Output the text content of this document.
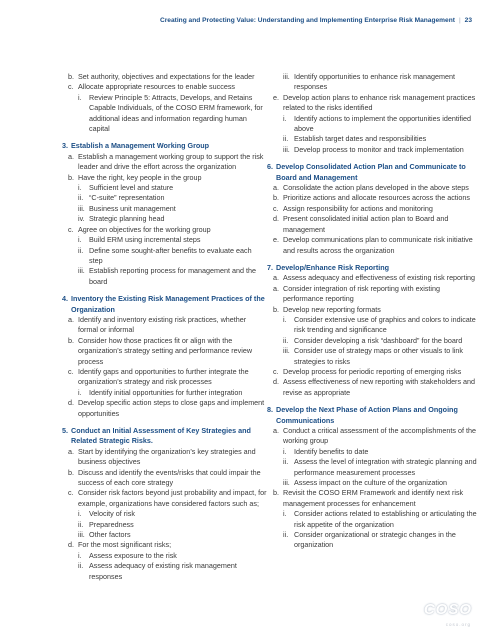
Creating and Protecting Value: Understanding and Implementing Enterprise Risk Management | 23
b. Set authority, objectives and expectations for the leader
c. Allocate appropriate resources to enable success
i.	Review Principle 5: Attracts, Develops, and Retains Capable Individuals, of the COSO ERM framework, for additional ideas and information regarding human capital
3. Establish a Management Working Group
a. Establish a management working group to support the risk leader and drive the effort across the organization
b. Have the right, key people in the group
i.	Sufficient level and stature
ii. “C-suite” representation
iii. Business unit management
iv. Strategic planning head
c. Agree on objectives for the working group
i.	Build ERM using incremental steps
ii. Define some sought-after benefits to evaluate each step
iii. Establish reporting process for management and the board
4. Inventory the Existing Risk Management Practices of the Organization
a. Identify and inventory existing risk practices, whether formal or informal
b. Consider how those practices fit or align with the organization’s strategy setting and performance review process
c. Identify gaps and opportunities to further integrate the organization’s strategy and risk processes
i.	Identify initial opportunities for further integration
d. Develop specific action steps to close gaps and implement opportunities
5. Conduct an Initial Assessment of Key Strategies and Related Strategic Risks.
a. Start by identifying the organization’s key strategies and business objectives
b. Discuss and identify the events/risks that could impair the success of each core strategy
c. Consider risk factors beyond just probability and impact, for example, organizations have considered factors such as;
i.	Velocity of risk
ii. Preparedness
iii. Other factors
d. For the most significant risks;
i.	Assess exposure to the risk
ii. Assess adequacy of existing risk management responses
iii. Identify opportunities to enhance risk management responses
e. Develop action plans to enhance risk management practices related to the risks identified
i.	Identify actions to implement the opportunities identified above
ii. Establish target dates and responsibilities
iii. Develop process to monitor and track implementation
6. Develop Consolidated Action Plan and Communicate to Board and Management
a. Consolidate the action plans developed in the above steps
b. Prioritize actions and allocate resources across the actions
c. Assign responsibility for actions and monitoring
d. Present consolidated initial action plan to Board and management
e. Develop communications plan to communicate risk initiative and results across the organization
7. Develop/Enhance Risk Reporting
a. Assess adequacy and effectiveness of existing risk reporting
a. Consider integration of risk reporting with existing performance reporting
b. Develop new reporting formats
i.	Consider extensive use of graphics and colors to indicate risk trending and significance
ii. Consider developing a risk “dashboard” for the board
iii. Consider use of strategy maps or other visuals to link strategies to risks
c. Develop process for periodic reporting of emerging risks
d. Assess effectiveness of new reporting with stakeholders and revise as appropriate
8. Develop the Next Phase of Action Plans and Ongoing Communications
a. Conduct a critical assessment of the accomplishments of the working group
i.	Identify benefits to date
ii. Assess the level of integration with strategic planning and performance measurement processes
iii. Assess impact on the culture of the organization
b. Revisit the COSO ERM Framework and identify next risk management processes for enhancement
i.	Consider actions related to establishing or articulating the risk appetite of the organization
ii. Consider organizational or strategic changes in the organization
COSO
coso.org
